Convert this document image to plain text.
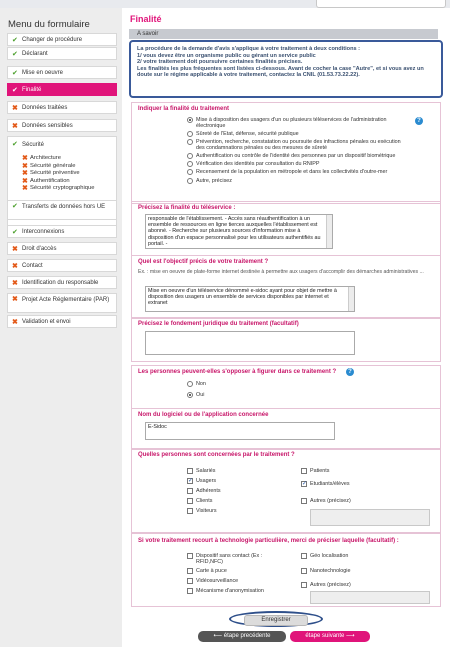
Menu du formulaire
✔ Changer de procédure
✔ Déclarant
✔ Mise en oeuvre
✔ Finalité
✖ Données traitées
✖ Données sensibles
✔ Sécurité
✖ Architecture
✖ Sécurité générale
✖ Sécurité préventive
✖ Authentification
✖ Sécurité cryptographique
✔ Transferts de données hors UE
✔ Interconnexions
✖ Droit d'accès
✖ Contact
✖ Identification du responsable
✖ Projet Acte Réglementaire (PAR)
✖ Validation et envoi
Finalité
A savoir
La procédure de la demande d'avis s'applique à votre traitement à deux conditions :
1/ vous devez être un organisme public ou gérant un service public
2/ votre traitement doit poursuivre certaines finalités précises.
Les finalités les plus fréquentes sont listées ci-dessous. Avant de cocher la case "Autre", et si vous avez un doute sur le régime applicable à votre traitement, contactez la CNIL (01.53.73.22.22).
Indiquer la finalité du traitement
Mise à disposition des usagers d'un ou plusieurs téléservices de l'administration électronique
?
Sûreté de l'Etat, défense, sécurité publique
Prévention, recherche, constatation ou poursuite des infractions pénales ou exécution des condamnations pénales ou des mesures de sûreté
Authentification ou contrôle de l'identité des personnes par un dispositif biométrique
Vérification des identités par consultation du RNIPP
Recensement de la population en métropole et dans les collectivités d'outre-mer
Autre, précisez
Précisez la finalité du téléservice :
responsable de l'établissement. - Accès sans réauthentification à un ensemble de ressources en ligne tierces auxquelles l'établissement est abonné. - Recherche sur plusieurs sources d'information mise à disposition d'un espace personnalisé pour les utilisateurs authentifiés au portail. -
Quel est l'objectif précis de votre traitement ?
Ex. : mise en oeuvre de plate-forme internet destinée à permettre aux usagers d'accomplir des démarches administratives ...
Mise en oeuvre d'un téléservice dénommé e-sidoc ayant pour objet de mettre à disposition des usagers un ensemble de services disponibles par internet et extranet
Précisez le fondement juridique du traitement (facultatif)
Les personnes peuvent-elles s'opposer à figurer dans ce traitement ?	?
Non
Oui
Nom du logiciel ou de l'application concernée
E-Sidoc
Quelles personnes sont concernées par le traitement ?
Salariés
✓ Usagers
Adhérents
Clients
Visiteurs
Patients
✓ Etudiants/élèves
Autres (précisez)
Si votre traitement recourt à technologie particulière, merci de préciser laquelle (facultatif) :
Dispositif sans contact (Ex : RFID,NFC)
Carte à puce
Vidéosurveillance
Mécanisme d'anonymisation
Géo localisation
Nanotechnologie
Autres (précisez)
Enregistrer
⟵ étape precédente	étape suivante ⟶
